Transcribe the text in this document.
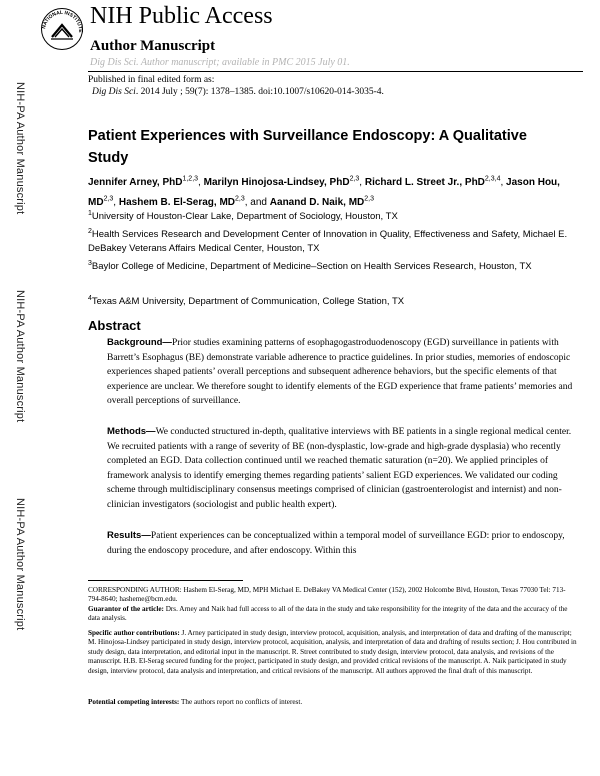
NATIONAL INSTITUTE
NIH Public Access
Author Manuscript
Dig Dis Sci. Author manuscript; available in PMC 2015 July 01.
Published in final edited form as:
Dig Dis Sci. 2014 July ; 59(7): 1378–1385. doi:10.1007/s10620-014-3035-4.
NIH-PA Author Manuscript
NIH-PA Author Manuscript
NIH-PA Author Manuscript
Patient Experiences with Surveillance Endoscopy: A Qualitative Study
Jennifer Arney, PhD$^{1,2,3}$, Marilyn Hinojosa-Lindsey, PhD$^{2,3}$, Richard L. Street Jr., PhD$^{2,3,4}$, Jason Hou, MD$^{2,3}$, Hashem B. El-Serag, MD$^{2,3}$, and Aanand D. Naik, MD$^{2,3}$
$^1$University of Houston-Clear Lake, Department of Sociology, Houston, TX
$^2$Health Services Research and Development Center of Innovation in Quality, Effectiveness and Safety, Michael E. DeBakey Veterans Affairs Medical Center, Houston, TX
$^3$Baylor College of Medicine, Department of Medicine–Section on Health Services Research, Houston, TX
$^4$Texas A&M University, Department of Communication, College Station, TX
Abstract
Background—Prior studies examining patterns of esophagogastroduodenoscopy (EGD) surveillance in patients with Barrett’s Esophagus (BE) demonstrate variable adherence to practice guidelines. In prior studies, memories of endoscopic experiences shaped patients’ overall perceptions and subsequent adherence behaviors, but the specific elements of that experience are unclear. We therefore sought to identify elements of the EGD experience that frame patients’ memories and overall perceptions of surveillance.
Methods—We conducted structured in-depth, qualitative interviews with BE patients in a single regional medical center. We recruited patients with a range of severity of BE (non-dysplastic, low-grade and high-grade dysplasia) who recently completed an EGD. Data collection continued until we reached thematic saturation (n=20). We applied principles of framework analysis to identify emerging themes regarding patients’ salient EGD experiences. We validated our coding scheme through multidisciplinary consensus meetings comprised of clinician (gastroenterologist and internist) and non-clinician investigators (sociologist and public health expert).
Results—Patient experiences can be conceptualized within a temporal model of surveillance EGD: prior to endoscopy, during the endoscopy procedure, and after endoscopy. Within this
CORRESPONDING AUTHOR: Hashem El-Serag, MD, MPH Michael E. DeBakey VA Medical Center (152), 2002 Holcombe Blvd, Houston, Texas 77030 Tel: 713-794-8640; hasheme@bcm.edu.
Guarantor of the article: Drs. Arney and Naik had full access to all of the data in the study and take responsibility for the integrity of the data and the accuracy of the data analysis.
Specific author contributions: J. Arney participated in study design, interview protocol, acquisition, analysis, and interpretation of data and drafting of the manuscript; M. Hinojosa-Lindsey participated in study design, interview protocol, acquisition, analysis, and interpretation of data and drafting of results section; J. Hou contributed in study design, data interpretation, and editorial input in the manuscript. R. Street contributed to study design, interview protocol, data analysis, and revisions of the manuscript. H.B. El-Serag secured funding for the project, participated in study design, and provided critical revisions of the manuscript. A. Naik participated in study design, interview protocol, data analysis and interpretation, and critical revisions of the manuscript. All authors approved the final draft of this manuscript.
Potential competing interests: The authors report no conflicts of interest.
